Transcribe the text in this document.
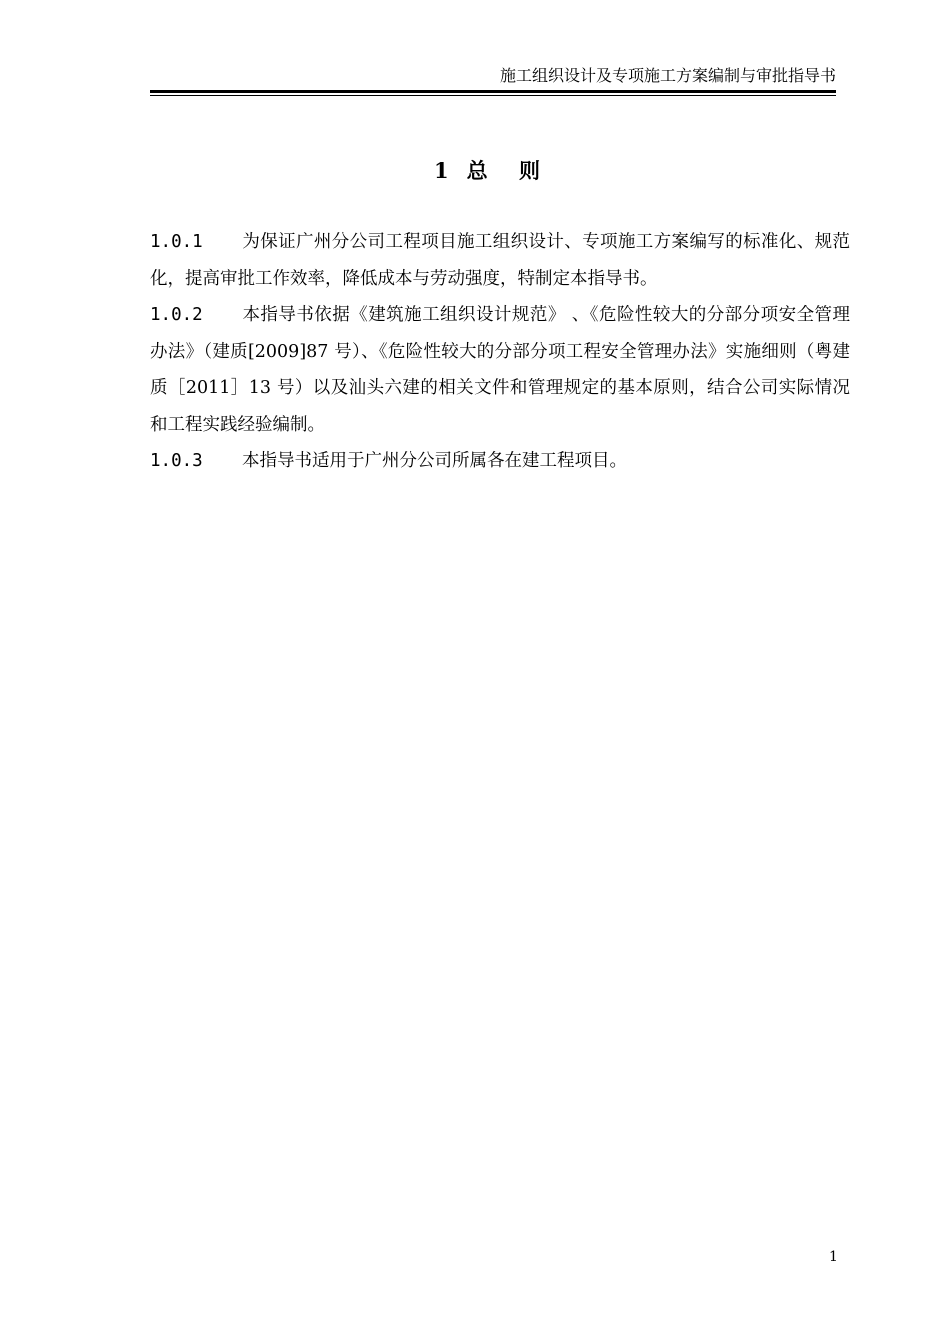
施工组织设计及专项施工方案编制与审批指导书
1 总 则

1.0.1 为保证广州分公司工程项目施工组织设计、专项施工方案编写的标准化、规范化，提高审批工作效率，降低成本与劳动强度，特制定本指导书。

1.0.2 本指导书依据《建筑施工组织设计规范》 、《危险性较大的分部分项安全管理办法》（建质[2009]87 号）、《危险性较大的分部分项工程安全管理办法》实施细则（粤建质［2011］13 号）以及汕头六建的相关文件和管理规定的基本原则，结合公司实际情况和工程实践经验编制。

1.0.3 本指导书适用于广州分公司所属各在建工程项目。

1
